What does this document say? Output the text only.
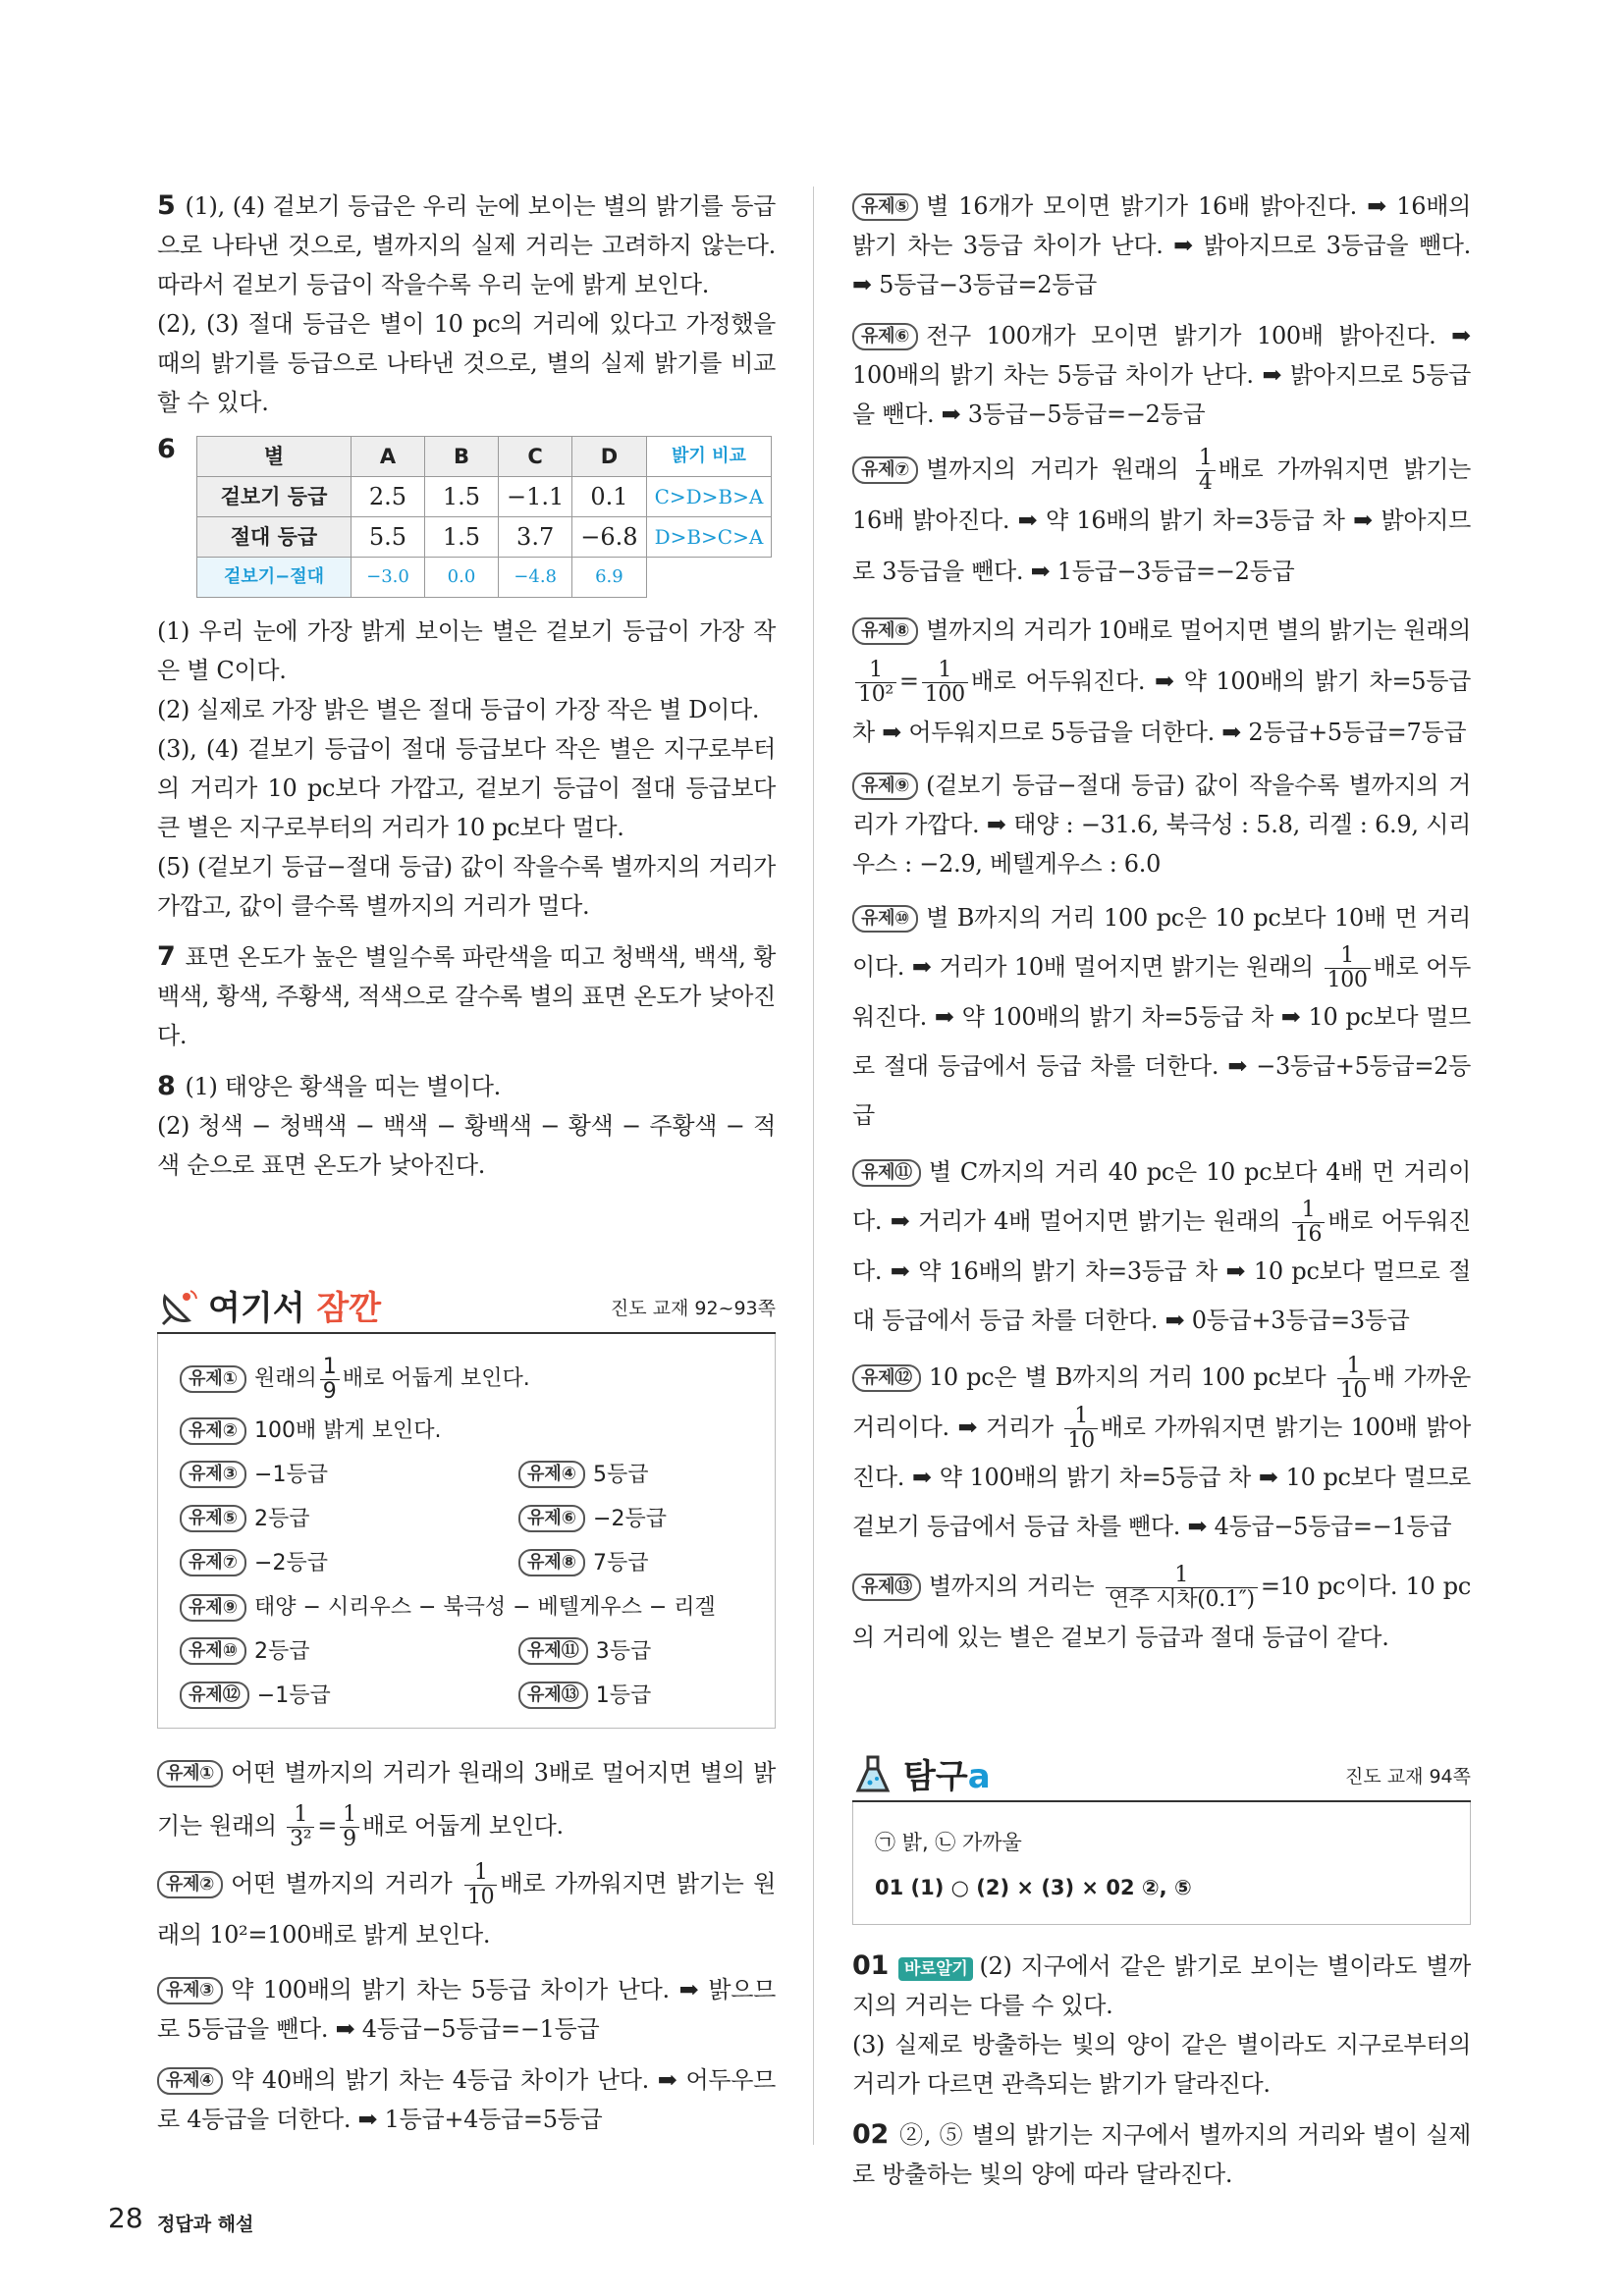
5 (1), (4) 겉보기 등급은 우리 눈에 보이는 별의 밝기를 등급으로 나타낸 것으로, 별까지의 실제 거리는 고려하지 않는다. 따라서 겉보기 등급이 작을수록 우리 눈에 밝게 보인다.

(2), (3) 절대 등급은 별이 10 pc의 거리에 있다고 가정했을 때의 밝기를 등급으로 나타낸 것으로, 별의 실제 밝기를 비교할 수 있다.

6	별	A	B	C	D	밝기 비교
겉보기 등급	2.5	1.5	−1.1	0.1	C>D>B>A
절대 등급	5.5	1.5	3.7	−6.8	D>B>C>A
겉보기−절대	−3.0	0.0	−4.8	6.9	

(1) 우리 눈에 가장 밝게 보이는 별은 겉보기 등급이 가장 작은 별 C이다.

(2) 실제로 가장 밝은 별은 절대 등급이 가장 작은 별 D이다.

(3), (4) 겉보기 등급이 절대 등급보다 작은 별은 지구로부터의 거리가 10 pc보다 가깝고, 겉보기 등급이 절대 등급보다 큰 별은 지구로부터의 거리가 10 pc보다 멀다.

(5) (겉보기 등급−절대 등급) 값이 작을수록 별까지의 거리가 가깝고, 값이 클수록 별까지의 거리가 멀다.

7 표면 온도가 높은 별일수록 파란색을 띠고 청백색, 백색, 황백색, 황색, 주황색, 적색으로 갈수록 별의 표면 온도가 낮아진다.

8 (1) 태양은 황색을 띠는 별이다.

(2) 청색 − 청백색 − 백색 − 황백색 − 황색 − 주황색 − 적색 순으로 표면 온도가 낮아진다.

여기서 잠깐	진도 교재 92~93쪽
유제① 원래의 $\frac{1}{9}$ 배로 어둡게 보인다.
유제② 100배 밝게 보인다.
유제③ −1등급	유제④ 5등급
유제⑤ 2등급	유제⑥ −2등급
유제⑦ −2등급	유제⑧ 7등급
유제⑨ 태양 − 시리우스 − 북극성 − 베텔게우스 − 리겔
유제⑩ 2등급	유제⑪ 3등급
유제⑫ −1등급	유제⑬ 1등급

유제① 어떤 별까지의 거리가 원래의 3배로 멀어지면 별의 밝기는 원래의 $\frac{1}{\text{3²}} = \frac{1}{9}$ 배로 어둡게 보인다.

유제② 어떤 별까지의 거리가 $\frac{1}{10}$ 배로 가까워지면 밝기는 원래의 10²=100배로 밝게 보인다.

유제③ 약 100배의 밝기 차는 5등급 차이가 난다. ➡ 밝으므로 5등급을 뺀다. ➡ 4등급−5등급=−1등급

유제④ 약 40배의 밝기 차는 4등급 차이가 난다. ➡ 어두우므로 4등급을 더한다. ➡ 1등급+4등급=5등급

유제⑤ 별 16개가 모이면 밝기가 16배 밝아진다. ➡ 16배의 밝기 차는 3등급 차이가 난다. ➡ 밝아지므로 3등급을 뺀다. ➡ 5등급−3등급=2등급

유제⑥ 전구 100개가 모이면 밝기가 100배 밝아진다. ➡ 100배의 밝기 차는 5등급 차이가 난다. ➡ 밝아지므로 5등급을 뺀다. ➡ 3등급−5등급=−2등급

유제⑦ 별까지의 거리가 원래의 $\frac{1}{4}$ 배로 가까워지면 밝기는 16배 밝아진다. ➡ 약 16배의 밝기 차=3등급 차 ➡ 밝아지므로 3등급을 뺀다. ➡ 1등급−3등급=−2등급

유제⑧ 별까지의 거리가 10배로 멀어지면 별의 밝기는 원래의
$\frac{1}{\text{10²}} = \frac{1}{100}$ 배로 어두워진다. ➡ 약 100배의 밝기 차=5등급 차 ➡ 어두워지므로 5등급을 더한다. ➡ 2등급+5등급=7등급

유제⑨ (겉보기 등급−절대 등급) 값이 작을수록 별까지의 거리가 가깝다. ➡ 태양 : −31.6, 북극성 : 5.8, 리겔 : 6.9, 시리우스 : −2.9, 베텔게우스 : 6.0

유제⑩ 별 B까지의 거리 100 pc은 10 pc보다 10배 먼 거리이다. ➡ 거리가 10배 멀어지면 밝기는 원래의 $\frac{1}{100}$ 배로 어두워진다. ➡ 약 100배의 밝기 차=5등급 차 ➡ 10 pc보다 멀므로 절대 등급에서 등급 차를 더한다. ➡ −3등급+5등급=2등급

유제⑪ 별 C까지의 거리 40 pc은 10 pc보다 4배 먼 거리이다. ➡ 거리가 4배 멀어지면 밝기는 원래의 $\frac{1}{16}$ 배로 어두워진다. ➡ 약 16배의 밝기 차=3등급 차 ➡ 10 pc보다 멀므로 절대 등급에서 등급 차를 더한다. ➡ 0등급+3등급=3등급

유제⑫ 10 pc은 별 B까지의 거리 100 pc보다 $\frac{1}{10}$ 배 가까운 거리이다. ➡ 거리가 $\frac{1}{10}$ 배로 가까워지면 밝기는 100배 밝아진다. ➡ 약 100배의 밝기 차=5등급 차 ➡ 10 pc보다 멀므로 겉보기 등급에서 등급 차를 뺀다. ➡ 4등급−5등급=−1등급

유제⑬ 별까지의 거리는 $\frac{1}{\text{연주 시차(0.1″)}} =10$ pc이다. 10 pc의 거리에 있는 별은 겉보기 등급과 절대 등급이 같다.

탐구a	진도 교재 94쪽
㉠ 밝, ㉡ 가까울
01 (1) ○ (2) × (3) × 02 ②, ⑤

01 바로알기 (2) 지구에서 같은 밝기로 보이는 별이라도 별까지의 거리는 다를 수 있다.

(3) 실제로 방출하는 빛의 양이 같은 별이라도 지구로부터의 거리가 다르면 관측되는 밝기가 달라진다.

02 ②, ⑤ 별의 밝기는 지구에서 별까지의 거리와 별이 실제로 방출하는 빛의 양에 따라 달라진다.

28 정답과 해설
